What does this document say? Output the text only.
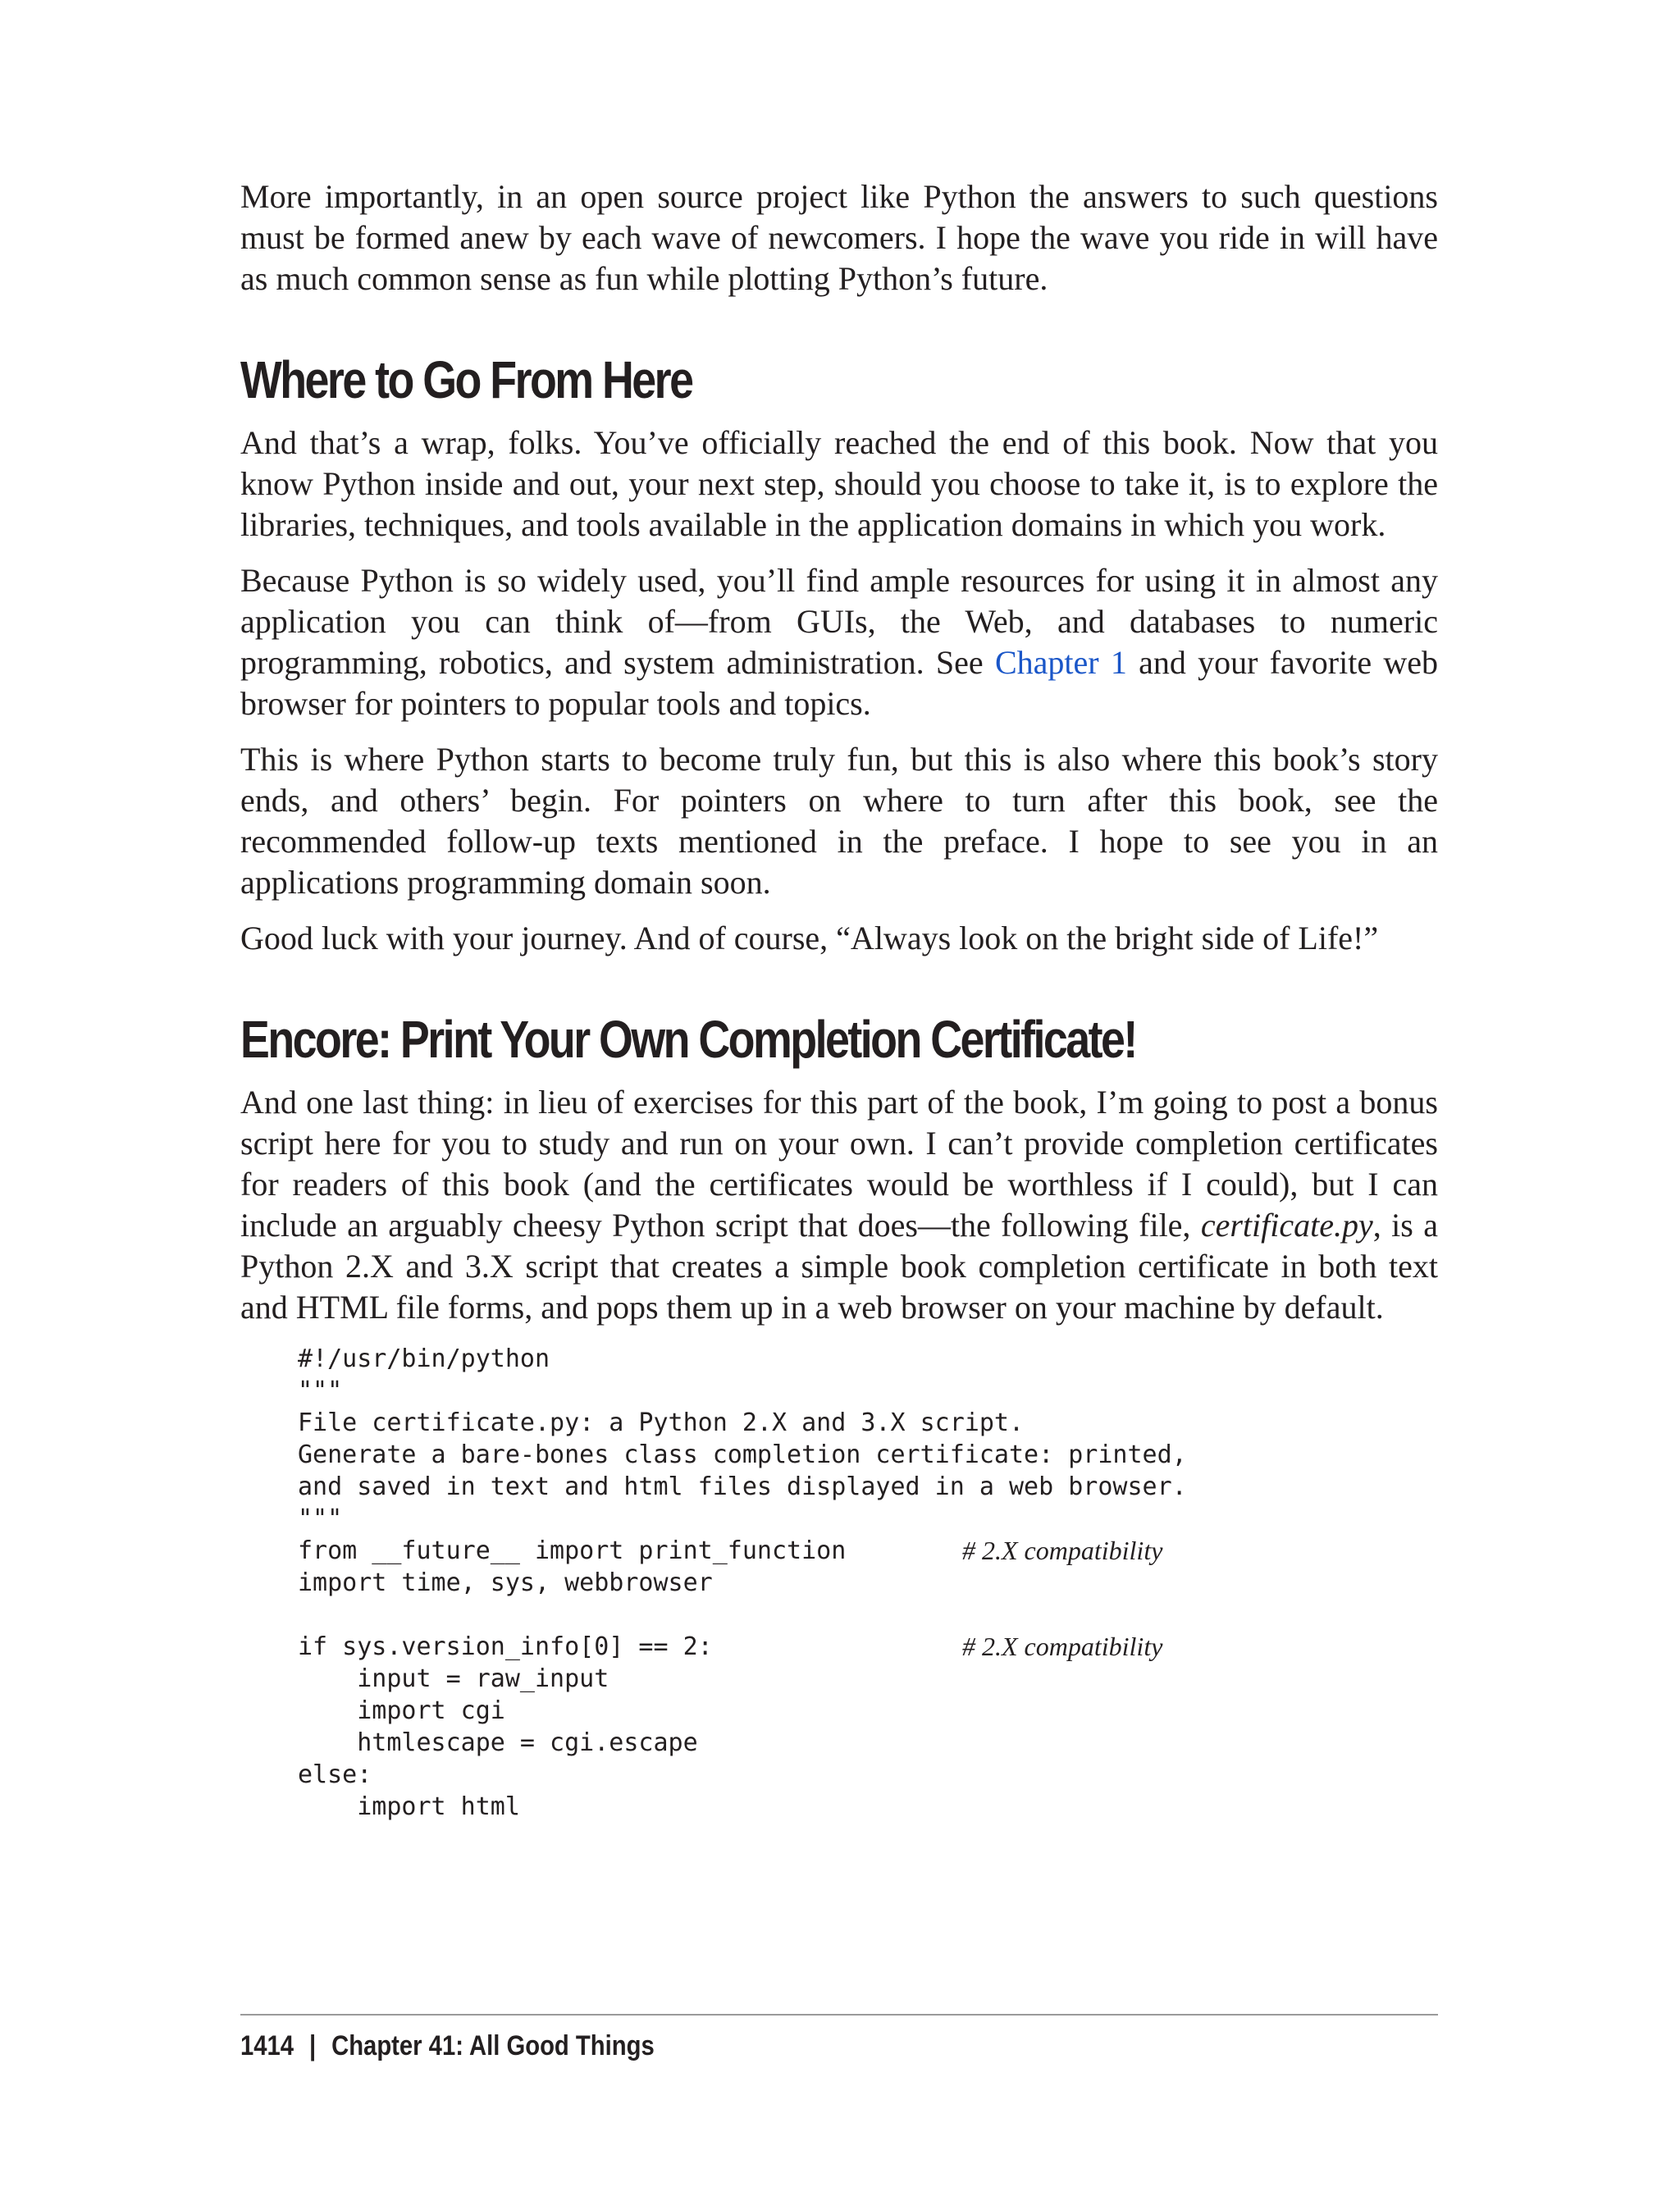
More importantly, in an open source project like Python the answers to such questions must be formed anew by each wave of newcomers. I hope the wave you ride in will have as much common sense as fun while plotting Python’s future.

Where to Go From Here

And that’s a wrap, folks. You’ve officially reached the end of this book. Now that you know Python inside and out, your next step, should you choose to take it, is to explore the libraries, techniques, and tools available in the application domains in which you work.

Because Python is so widely used, you’ll find ample resources for using it in almost any application you can think of—from GUIs, the Web, and databases to numeric programming, robotics, and system administration. See Chapter 1 and your favorite web browser for pointers to popular tools and topics.

This is where Python starts to become truly fun, but this is also where this book’s story ends, and others’ begin. For pointers on where to turn after this book, see the recommended follow-up texts mentioned in the preface. I hope to see you in an applications programming domain soon.

Good luck with your journey. And of course, “Always look on the bright side of Life!”

Encore: Print Your Own Completion Certificate!

And one last thing: in lieu of exercises for this part of the book, I’m going to post a bonus script here for you to study and run on your own. I can’t provide completion certificates for readers of this book (and the certificates would be worthless if I could), but I can include an arguably cheesy Python script that does—the following file, certificate.py, is a Python 2.X and 3.X script that creates a simple book completion certificate in both text and HTML file forms, and pops them up in a web browser on your machine by default.

#!/usr/bin/python
"""
File certificate.py: a Python 2.X and 3.X script.
Generate a bare-bones class completion certificate: printed,
and saved in text and html files displayed in a web browser.
"""
from __future__ import print_function	# 2.X compatibility
import time, sys, webbrowser
if sys.version_info[0] == 2:	# 2.X compatibility
input = raw_input
import cgi
htmlescape = cgi.escape
else:
import html
1414 | Chapter 41: All Good Things
